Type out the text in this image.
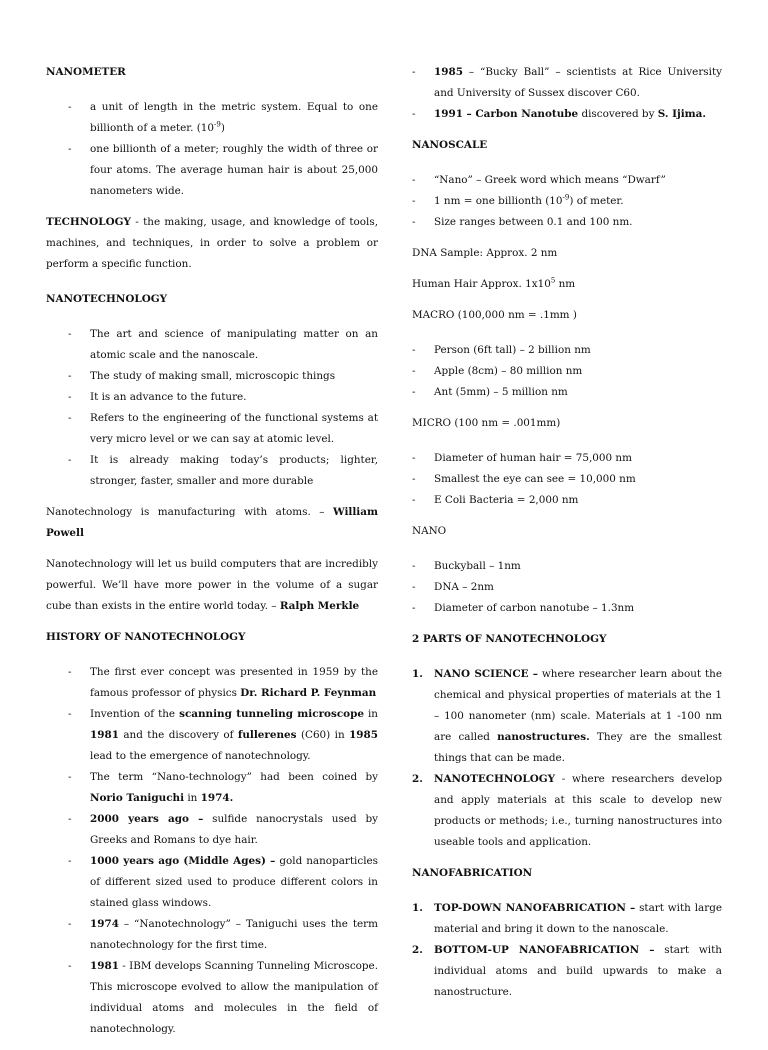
NANOMETER
- a unit of length in the metric system. Equal to one billionth of a meter. $(10^{-9})$
- one billionth of a meter; roughly the width of three or four atoms. The average human hair is about 25,000 nanometers wide.

TECHNOLOGY - the making, usage, and knowledge of tools, machines, and techniques, in order to solve a problem or perform a specific function.

NANOTECHNOLOGY
- The art and science of manipulating matter on an atomic scale and the nanoscale.
- The study of making small, microscopic things
- It is an advance to the future.
- Refers to the engineering of the functional systems at very micro level or we can say at atomic level.
- It is already making today’s products; lighter, stronger, faster, smaller and more durable

Nanotechnology is manufacturing with atoms. – William Powell

Nanotechnology will let us build computers that are incredibly powerful. We’ll have more power in the volume of a sugar cube than exists in the entire world today. – Ralph Merkle

HISTORY OF NANOTECHNOLOGY
- The first ever concept was presented in 1959 by the famous professor of physics Dr. Richard P. Feynman
- Invention of the scanning tunneling microscope in 1981 and the discovery of fullerenes (C60) in 1985 lead to the emergence of nanotechnology.
- The term “Nano-technology” had been coined by Norio Taniguchi in 1974.
- 2000 years ago – sulfide nanocrystals used by Greeks and Romans to dye hair.
- 1000 years ago (Middle Ages) – gold nanoparticles of different sized used to produce different colors in stained glass windows.
- 1974 – “Nanotechnology” – Taniguchi uses the term nanotechnology for the first time.
- 1981 - IBM develops Scanning Tunneling Microscope. This microscope evolved to allow the manipulation of individual atoms and molecules in the field of nanotechnology.
- 1985 – “Bucky Ball” – scientists at Rice University and University of Sussex discover C60.
- 1991 – Carbon Nanotube discovered by S. Ijima.
NANOSCALE
- “Nano” – Greek word which means “Dwarf”
- 1 nm = one billionth $(10^{-9})$ of meter.
- Size ranges between 0.1 and 100 nm.

DNA Sample: Approx. 2 nm

Human Hair Approx. $1x10^5$ nm

MACRO (100,000 nm = .1mm )
- Person (6ft tall) – 2 billion nm
- Apple (8cm) – 80 million nm
- Ant (5mm) – 5 million nm
MICRO (100 nm = .001mm)
- Diameter of human hair = 75,000 nm
- Smallest the eye can see = 10,000 nm
- E Coli Bacteria = 2,000 nm
NANO
- Buckyball – 1nm
- DNA – 2nm
- Diameter of carbon nanotube – 1.3nm
2 PARTS OF NANOTECHNOLOGY
1. NANO SCIENCE – where researcher learn about the chemical and physical properties of materials at the 1 – 100 nanometer (nm) scale. Materials at 1 -100 nm are called nanostructures. They are the smallest things that can be made.
2. NANOTECHNOLOGY - where researchers develop and apply materials at this scale to develop new products or methods; i.e., turning nanostructures into useable tools and application.
NANOFABRICATION
1. TOP-DOWN NANOFABRICATION – start with large material and bring it down to the nanoscale.
2. BOTTOM-UP NANOFABRICATION – start with individual atoms and build upwards to make a nanostructure.
